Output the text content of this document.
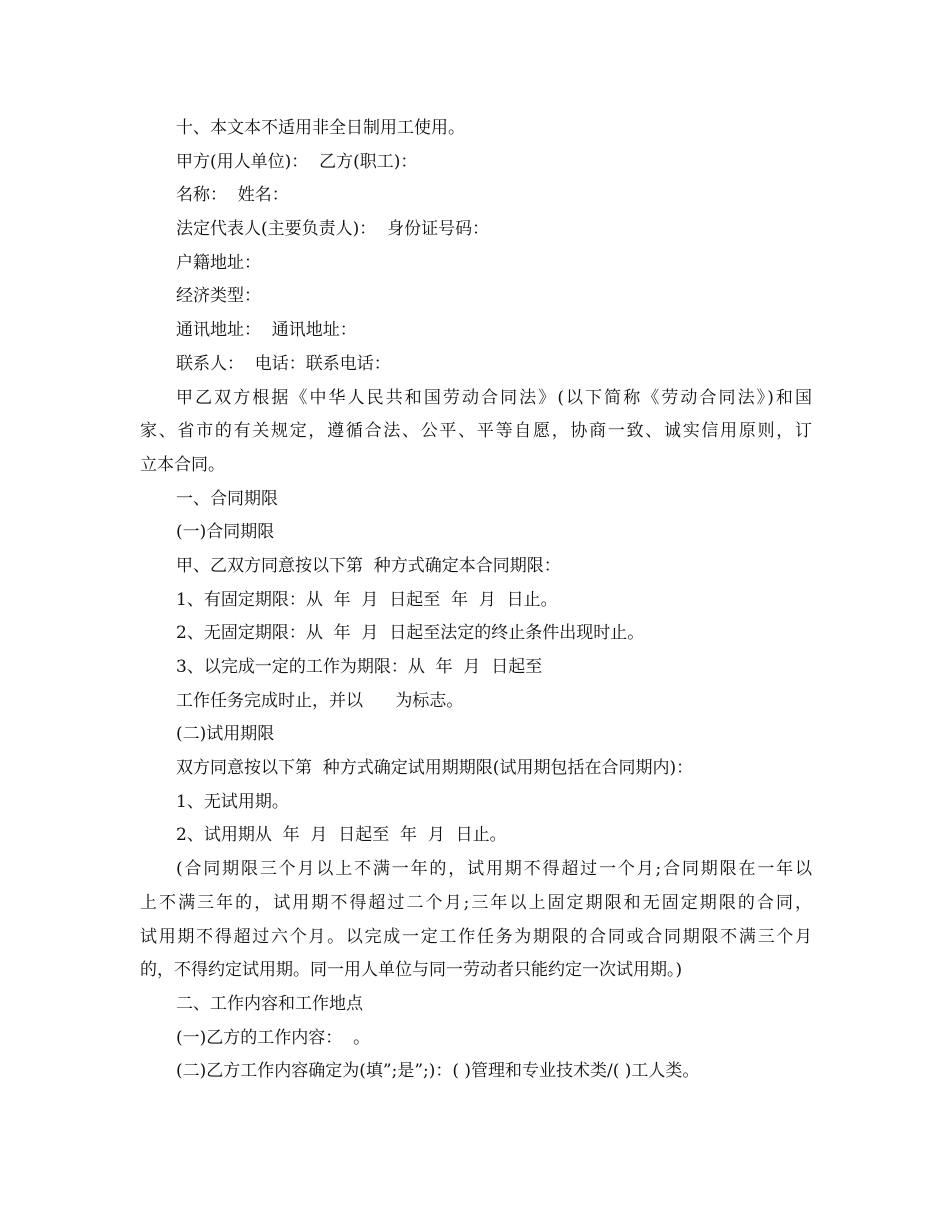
十、本文本不适用非全日制用工使用。
甲方(用人单位)：  乙方(职工)：
名称：  姓名：
法定代表人(主要负责人)：  身份证号码：
户籍地址：
经济类型：
通讯地址：  通讯地址：
联系人：  电话：联系电话：
甲乙双方根据《中华人民共和国劳动合同法》(以下简称《劳动合同法》)和国
家、省市的有关规定，遵循合法、公平、平等自愿，协商一致、诚实信用原则，订
立本合同。
一、合同期限
(一)合同期限
甲、乙双方同意按以下第  种方式确定本合同期限：
1、有固定期限：从  年  月  日起至  年  月  日止。
2、无固定期限：从  年  月  日起至法定的终止条件出现时止。
3、以完成一定的工作为期限：从  年  月  日起至
工作任务完成时止，并以      为标志。
(二)试用期限
双方同意按以下第  种方式确定试用期期限(试用期包括在合同期内)：
1、无试用期。
2、试用期从  年  月  日起至  年  月  日止。
(合同期限三个月以上不满一年的，试用期不得超过一个月;合同期限在一年以
上不满三年的，试用期不得超过二个月;三年以上固定期限和无固定期限的合同，
试用期不得超过六个月。以完成一定工作任务为期限的合同或合同期限不满三个月
的，不得约定试用期。同一用人单位与同一劳动者只能约定一次试用期。)
二、工作内容和工作地点
(一)乙方的工作内容：  。
(二)乙方工作内容确定为(填”;是”;)：( )管理和专业技术类/( )工人类。
